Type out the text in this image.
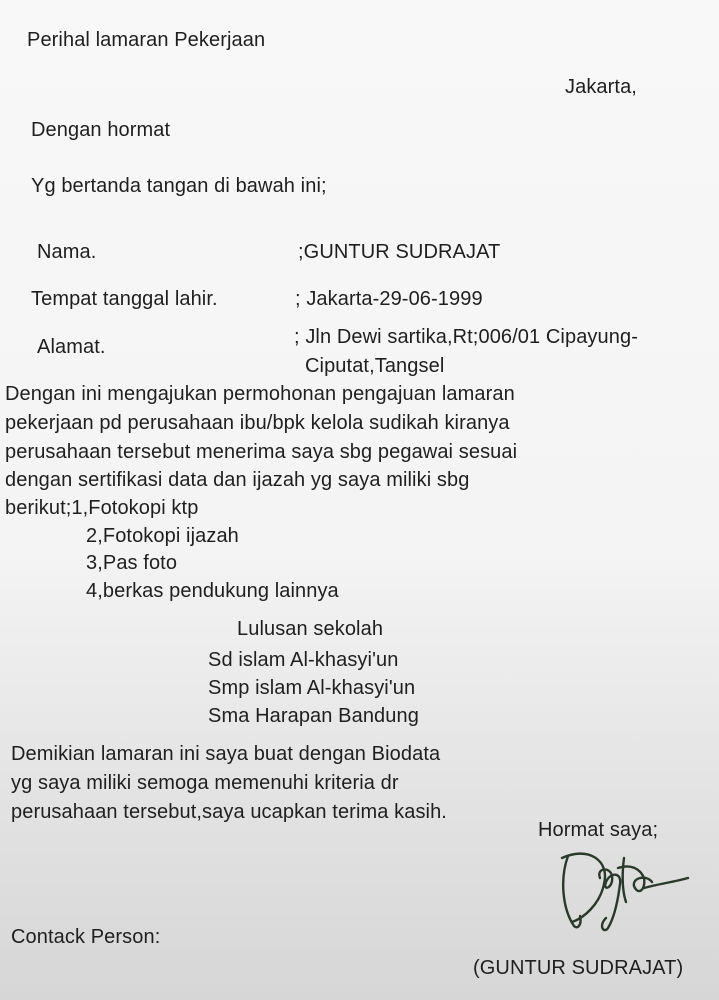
Perihal lamaran Pekerjaan
Jakarta,
Dengan hormat
Yg bertanda tangan di bawah ini;
Nama.	;GUNTUR SUDRAJAT
Tempat tanggal lahir.	; Jakarta-29-06-1999
Alamat.	; Jln Dewi sartika,Rt;006/01 Cipayung-
Ciputat,Tangsel
Dengan ini mengajukan permohonan pengajuan lamaran
pekerjaan pd perusahaan ibu/bpk kelola sudikah kiranya
perusahaan tersebut menerima saya sbg pegawai sesuai
dengan sertifikasi data dan ijazah yg saya miliki sbg
berikut;1,Fotokopi ktp
2,Fotokopi ijazah
3,Pas foto
4,berkas pendukung lainnya
Lulusan sekolah
Sd islam Al-khasyi'un
Smp islam Al-khasyi'un
Sma Harapan Bandung
Demikian lamaran ini saya buat dengan Biodata
yg saya miliki semoga memenuhi kriteria dr
perusahaan tersebut,saya ucapkan terima kasih.
Hormat saya;
Contack Person:
(GUNTUR SUDRAJAT)
